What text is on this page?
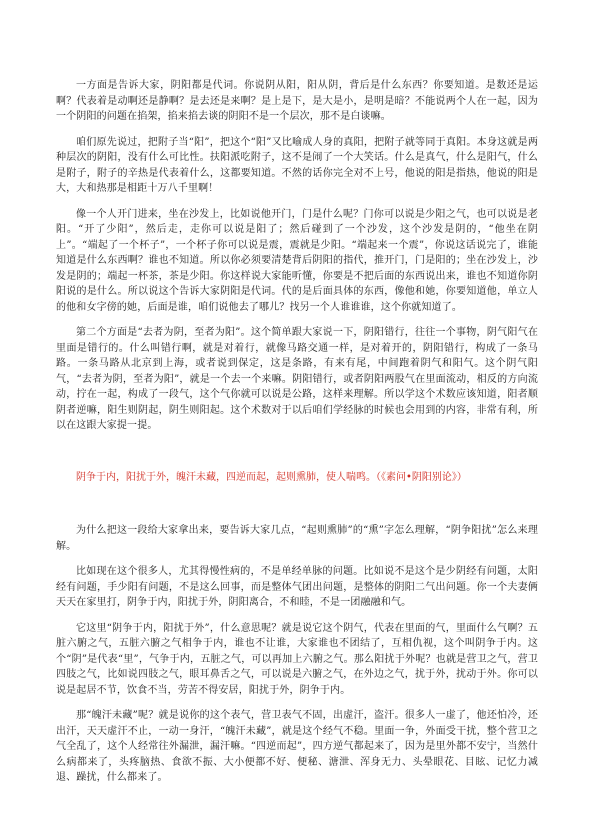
一方面是告诉大家，阴阳都是代词。你说阴从阳，阳从阴，背后是什么东西？你要知道。是数还是运啊？代表着是动啊还是静啊？是去还是来啊？是上是下，是大是小，是明是暗？不能说两个人在一起，因为一个阴阳的问题在掐架，掐来掐去谈的阴阳不是一个层次，那不是白谈嘛。

咱们原先说过，把附子当“阳”，把这个“阳”又比喻成人身的真阳，把附子就等同于真阳。本身这就是两种层次的阴阳，没有什么可比性。扶阳派吃附子，这不是闹了一个大笑话。什么是真气，什么是阳气，什么是附子，附子的辛热是代表着什么，这都要知道。不然的话你完全对不上号，他说的阳是指热，他说的阳是大，大和热那是相距十万八千里啊！

像一个人开门进来，坐在沙发上，比如说他开门，门是什么呢？门你可以说是少阳之气，也可以说是老阳。“开了少阳”，然后走，走你可以说是阳了；然后碰到了一个沙发，这个沙发是阴的，“他坐在阴上”。“端起了一个杯子”，一个杯子你可以说是震，震就是少阳。“端起来一个震”，你说这话说完了，谁能知道是什么东西啊？谁也不知道。所以你必须要清楚背后阴阳的指代，推开门，门是阳的；坐在沙发上，沙发是阴的；端起一杯茶，茶是少阳。你这样说大家能听懂，你要是不把后面的东西说出来，谁也不知道你阴阳说的是什么。所以说这个告诉大家阴阳是代词。代的是后面具体的东西，像他和她，你要知道他，单立人的他和女字傍的她，后面是谁，咱们说他去了哪儿？找另一个人谁谁谁，这个你就知道了。

第二个方面是“去者为阴，至者为阳”。这个简单跟大家说一下，阴阳错行，往往一个事物，阴气阳气在里面是错行的。什么叫错行啊，就是对着行，就像马路交通一样，是对着开的，阴阳错行，构成了一条马路。一条马路从北京到上海，或者说到保定，这是条路，有来有尾，中间跑着阴气和阳气。这个阴气阳气，“去者为阴，至者为阳”，就是一个去一个来嘛。阴阳错行，或者阴阳两股气在里面流动，相反的方向流动，拧在一起，构成了一段气，这个气你就可以说是公路，这样来理解。所以学这个术数应该知道，阳者顺阴者逆嘛，阳生则阴起，阴生则阳起。这个术数对于以后咱们学经脉的时候也会用到的内容，非常有利，所以在这跟大家提一提。

阴争于内，阳扰于外，魄汗未藏，四逆而起，起则熏肺，使人喘鸣。（《素问•阴阳别论》）

为什么把这一段给大家拿出来，要告诉大家几点，“起则熏肺”的“熏”字怎么理解，“阴争阳扰”怎么来理解。

比如现在这个很多人，尤其得慢性病的，不是单经单脉的问题。比如说不是这个是少阴经有问题，太阳经有问题，手少阳有问题，不是这么回事，而是整体气团出问题，是整体的阴阳二气出问题。你一个夫妻俩天天在家里打，阴争于内，阳扰于外，阴阳离合，不和睦，不是一团融融和气。

它这里“阴争于内，阳扰于外”，什么意思呢？就是说它这个阴气，代表在里面的气，里面什么气啊？五脏六腑之气，五脏六腑之气相争于内，谁也不让谁，大家谁也不团结了，互相仇视，这个叫阴争于内。这个“阴”是代表“里”，气争于内，五脏之气，可以再加上六腑之气。那么阳扰于外呢？也就是营卫之气，营卫四肢之气，比如说四肢之气，眼耳鼻舌之气，可以说是六腑之气，在外边之气，扰于外，扰动于外。你可以说是起居不节，饮食不当，劳苦不得安居，阳扰于外，阴争于内。

那“魄汗未藏”呢？就是说你的这个表气，营卫表气不固，出虚汗，盗汗。很多人一虚了，他还怕冷，还出汗，天天虚汗不止，一动一身汗，“魄汗未藏”，就是这个经气不稳。里面一争，外面受干扰，整个营卫之气全乱了，这个人经常往外漏泄，漏汗嘛。“四逆而起”，四方逆气都起来了，因为是里外都不安宁，当然什么病都来了，头疼脑热、食欲不振、大小便都不好、便秘、溏泄、浑身无力、头晕眼花、目眩、记忆力减退、躁扰，什么都来了。
